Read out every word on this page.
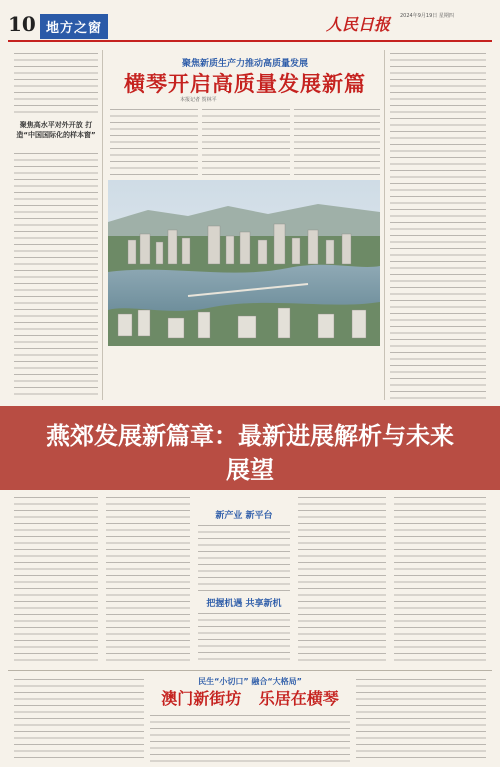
10 地方之窗	人民日报 2024年9月19日 星期四
聚焦高水平对外开放 打造“中国国际化的样本窗”
聚焦新质生产力推动高质量发展
横琴开启高质量发展新篇
本报记者 贺林平
新产业 新平台
把握机遇 共享新机
民生“小切口” 融合“大格局”
澳门新街坊 乐居在横琴
燕郊发展新篇章：最新进展解析与未来展望
